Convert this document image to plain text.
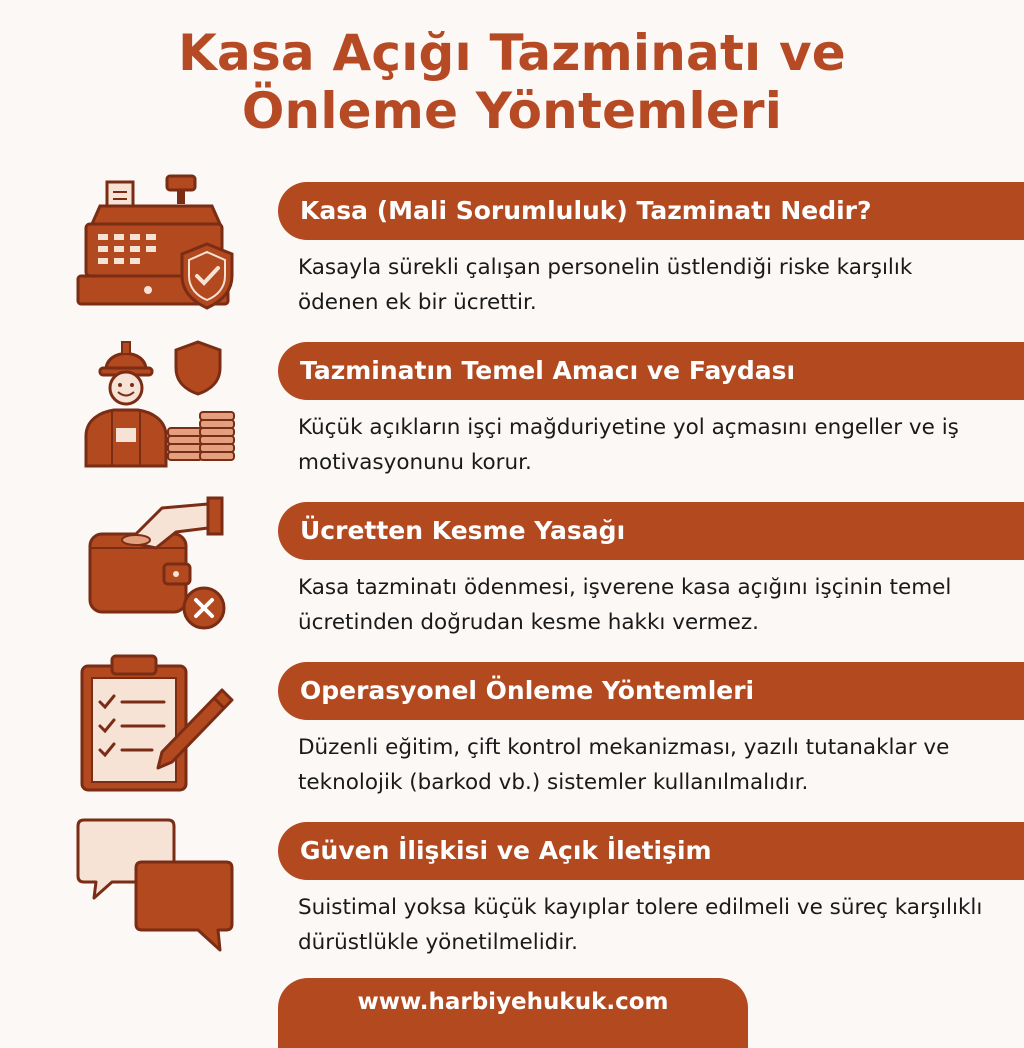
Kasa Açığı Tazminatı ve
Önleme Yöntemleri
Kasa (Mali Sorumluluk) Tazminatı Nedir?
Kasayla sürekli çalışan personelin üstlendiği riske karşılık ödenen ek bir ücrettir.
Tazminatın Temel Amacı ve Faydası
Küçük açıkların işçi mağduriyetine yol açmasını engeller ve iş motivasyonunu korur.
Ücretten Kesme Yasağı
Kasa tazminatı ödenmesi, işverene kasa açığını işçinin temel ücretinden doğrudan kesme hakkı vermez.
Operasyonel Önleme Yöntemleri
Düzenli eğitim, çift kontrol mekanizması, yazılı tutanaklar ve teknolojik (barkod vb.) sistemler kullanılmalıdır.
Güven İlişkisi ve Açık İletişim
Suistimal yoksa küçük kayıplar tolere edilmeli ve süreç karşılıklı dürüstlükle yönetilmelidir.
www.harbiyehukuk.com
